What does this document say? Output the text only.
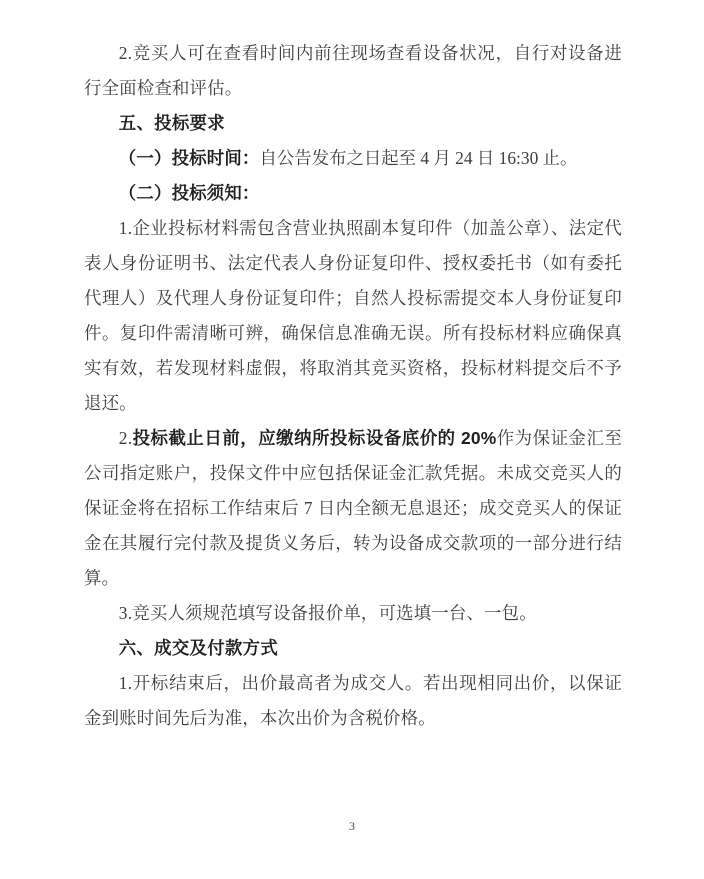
2.竞买人可在查看时间内前往现场查看设备状况，自行对设备进行全面检查和评估。

五、投标要求

（一）投标时间：自公告发布之日起至 4 月 24 日 16:30 止。

（二）投标须知：

1.企业投标材料需包含营业执照副本复印件（加盖公章）、法定代表人身份证明书、法定代表人身份证复印件、授权委托书（如有委托代理人）及代理人身份证复印件；自然人投标需提交本人身份证复印件。复印件需清晰可辨，确保信息准确无误。所有投标材料应确保真实有效，若发现材料虚假，将取消其竞买资格，投标材料提交后不予退还。

2.投标截止日前，应缴纳所投标设备底价的 20%作为保证金汇至公司指定账户，投保文件中应包括保证金汇款凭据。未成交竞买人的保证金将在招标工作结束后 7 日内全额无息退还；成交竞买人的保证金在其履行完付款及提货义务后，转为设备成交款项的一部分进行结算。

3.竞买人须规范填写设备报价单，可选填一台、一包。

六、成交及付款方式

1.开标结束后，出价最高者为成交人。若出现相同出价，以保证金到账时间先后为准，本次出价为含税价格。

3
